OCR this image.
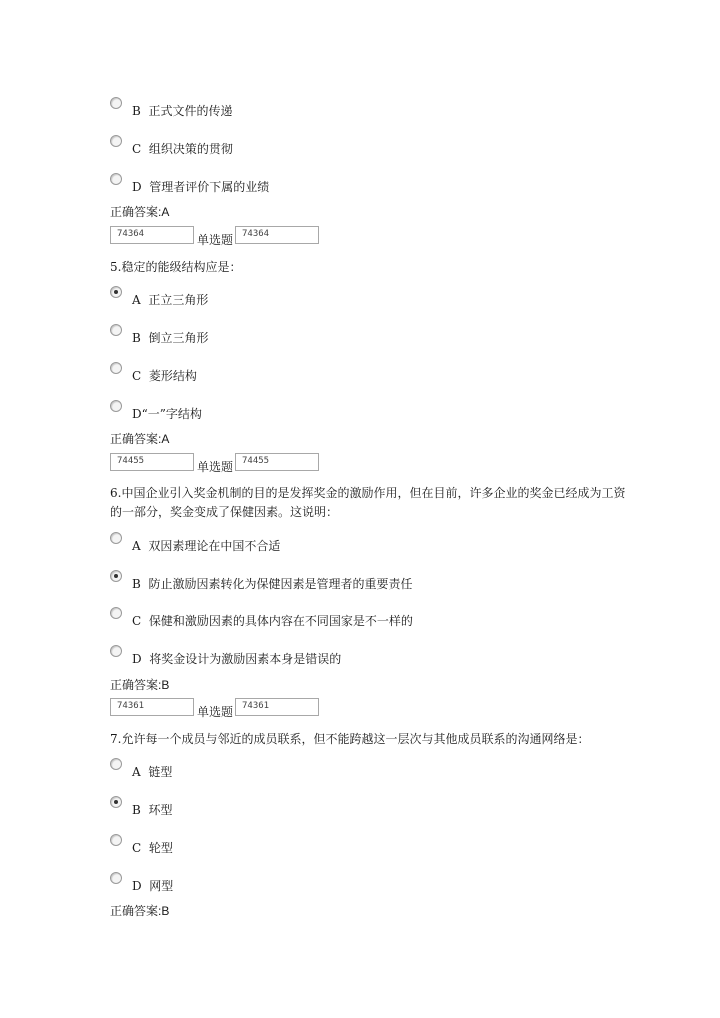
B 正式文件的传递
C 组织决策的贯彻
D 管理者评价下属的业绩
正确答案:A
74364	单选题 74364
5.稳定的能级结构应是：
A 正立三角形
B 倒立三角形
C 菱形结构
D“一”字结构
正确答案:A
74455	单选题 74455
6.中国企业引入奖金机制的目的是发挥奖金的激励作用，但在目前，许多企业的奖金已经成为工资的一部分，奖金变成了保健因素。这说明：
A 双因素理论在中国不合适
B 防止激励因素转化为保健因素是管理者的重要责任
C 保健和激励因素的具体内容在不同国家是不一样的
D 将奖金设计为激励因素本身是错误的
正确答案:B
74361	单选题 74361
7.允许每一个成员与邻近的成员联系，但不能跨越这一层次与其他成员联系的沟通网络是：
A 链型
B 环型
C 轮型
D 网型
正确答案:B
